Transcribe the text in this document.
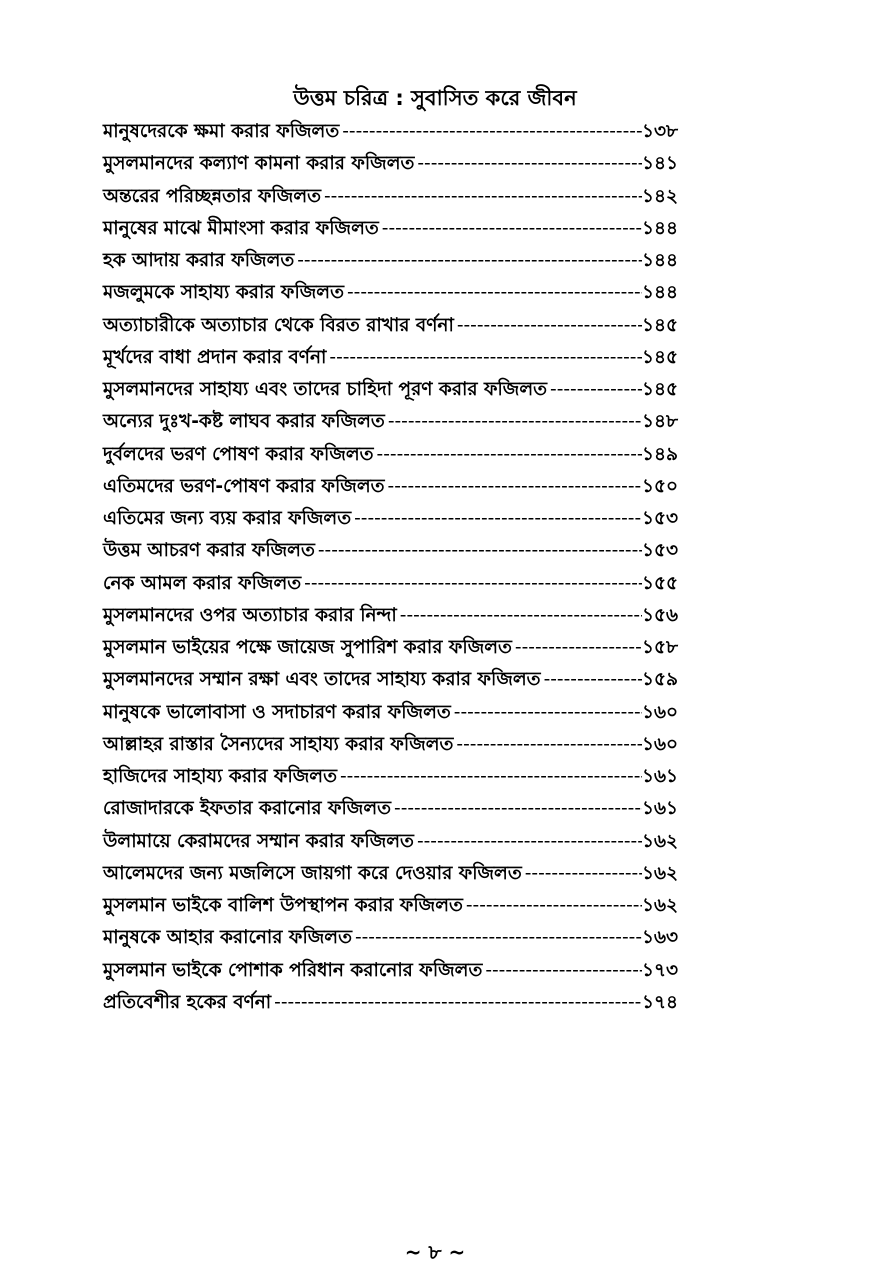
উত্তম চরিত্র : সুবাসিত করে জীবন
মানুষদেরকে ক্ষমা করার ফজিলত -----	১৩৮
মুসলমানদের কল্যাণ কামনা করার ফজিলত -----	১৪১
অন্তরের পরিচ্ছন্নতার ফজিলত -----	১৪২
মানুষের মাঝে মীমাংসা করার ফজিলত -----	১৪৪
হক আদায় করার ফজিলত -----	১৪৪
মজলুমকে সাহায্য করার ফজিলত -----	১৪৪
অত্যাচারীকে অত্যাচার থেকে বিরত রাখার বর্ণনা -----	১৪৫
মূর্খদের বাধা প্রদান করার বর্ণনা -----	১৪৫
মুসলমানদের সাহায্য এবং তাদের চাহিদা পূরণ করার ফজিলত -----	১৪৫
অন্যের দুঃখ-কষ্ট লাঘব করার ফজিলত -----	১৪৮
দুর্বলদের ভরণ পোষণ করার ফজিলত -----	১৪৯
এতিমদের ভরণ-পোষণ করার ফজিলত -----	১৫০
এতিমের জন্য ব্যয় করার ফজিলত -----	১৫৩
উত্তম আচরণ করার ফজিলত -----	১৫৩
নেক আমল করার ফজিলত -----	১৫৫
মুসলমানদের ওপর অত্যাচার করার নিন্দা -----	১৫৬
মুসলমান ভাইয়ের পক্ষে জায়েজ সুপারিশ করার ফজিলত -----	১৫৮
মুসলমানদের সম্মান রক্ষা এবং তাদের সাহায্য করার ফজিলত -----	১৫৯
মানুষকে ভালোবাসা ও সদাচারণ করার ফজিলত -----	১৬০
আল্লাহর রাস্তার সৈন্যদের সাহায্য করার ফজিলত -----	১৬০
হাজিদের সাহায্য করার ফজিলত -----	১৬১
রোজাদারকে ইফতার করানোর ফজিলত -----	১৬১
উলামায়ে কেরামদের সম্মান করার ফজিলত -----	১৬২
আলেমদের জন্য মজলিসে জায়গা করে দেওয়ার ফজিলত -----	১৬২
মুসলমান ভাইকে বালিশ উপস্থাপন করার ফজিলত -----	১৬২
মানুষকে আহার করানোর ফজিলত -----	১৬৩
মুসলমান ভাইকে পোশাক পরিধান করানোর ফজিলত -----	১৭৩
প্রতিবেশীর হকের বর্ণনা -----	১৭৪
~ ৮ ~
